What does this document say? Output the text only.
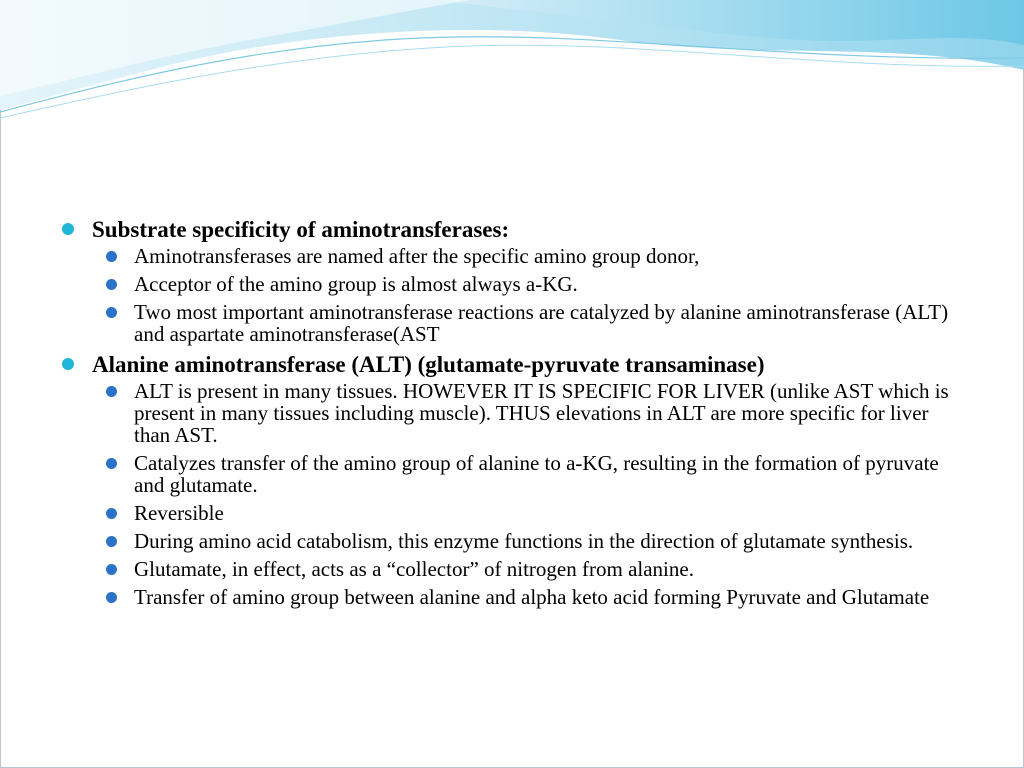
Substrate specificity of aminotransferases:
Aminotransferases are named after the specific amino group donor,
Acceptor of the amino group is almost always a-KG.
Two most important aminotransferase reactions are catalyzed by alanine aminotransferase (ALT) and aspartate aminotransferase(AST
Alanine aminotransferase (ALT) (glutamate-pyruvate transaminase)
ALT is present in many tissues. HOWEVER IT IS SPECIFIC FOR LIVER (unlike AST which is present in many tissues including muscle). THUS elevations in ALT are more specific for liver than AST.
Catalyzes transfer of the amino group of alanine to a-KG, resulting in the formation of pyruvate and glutamate.
Reversible
During amino acid catabolism, this enzyme functions in the direction of glutamate synthesis.
Glutamate, in effect, acts as a “collector” of nitrogen from alanine.
Transfer of amino group between alanine and alpha keto acid forming Pyruvate and Glutamate
